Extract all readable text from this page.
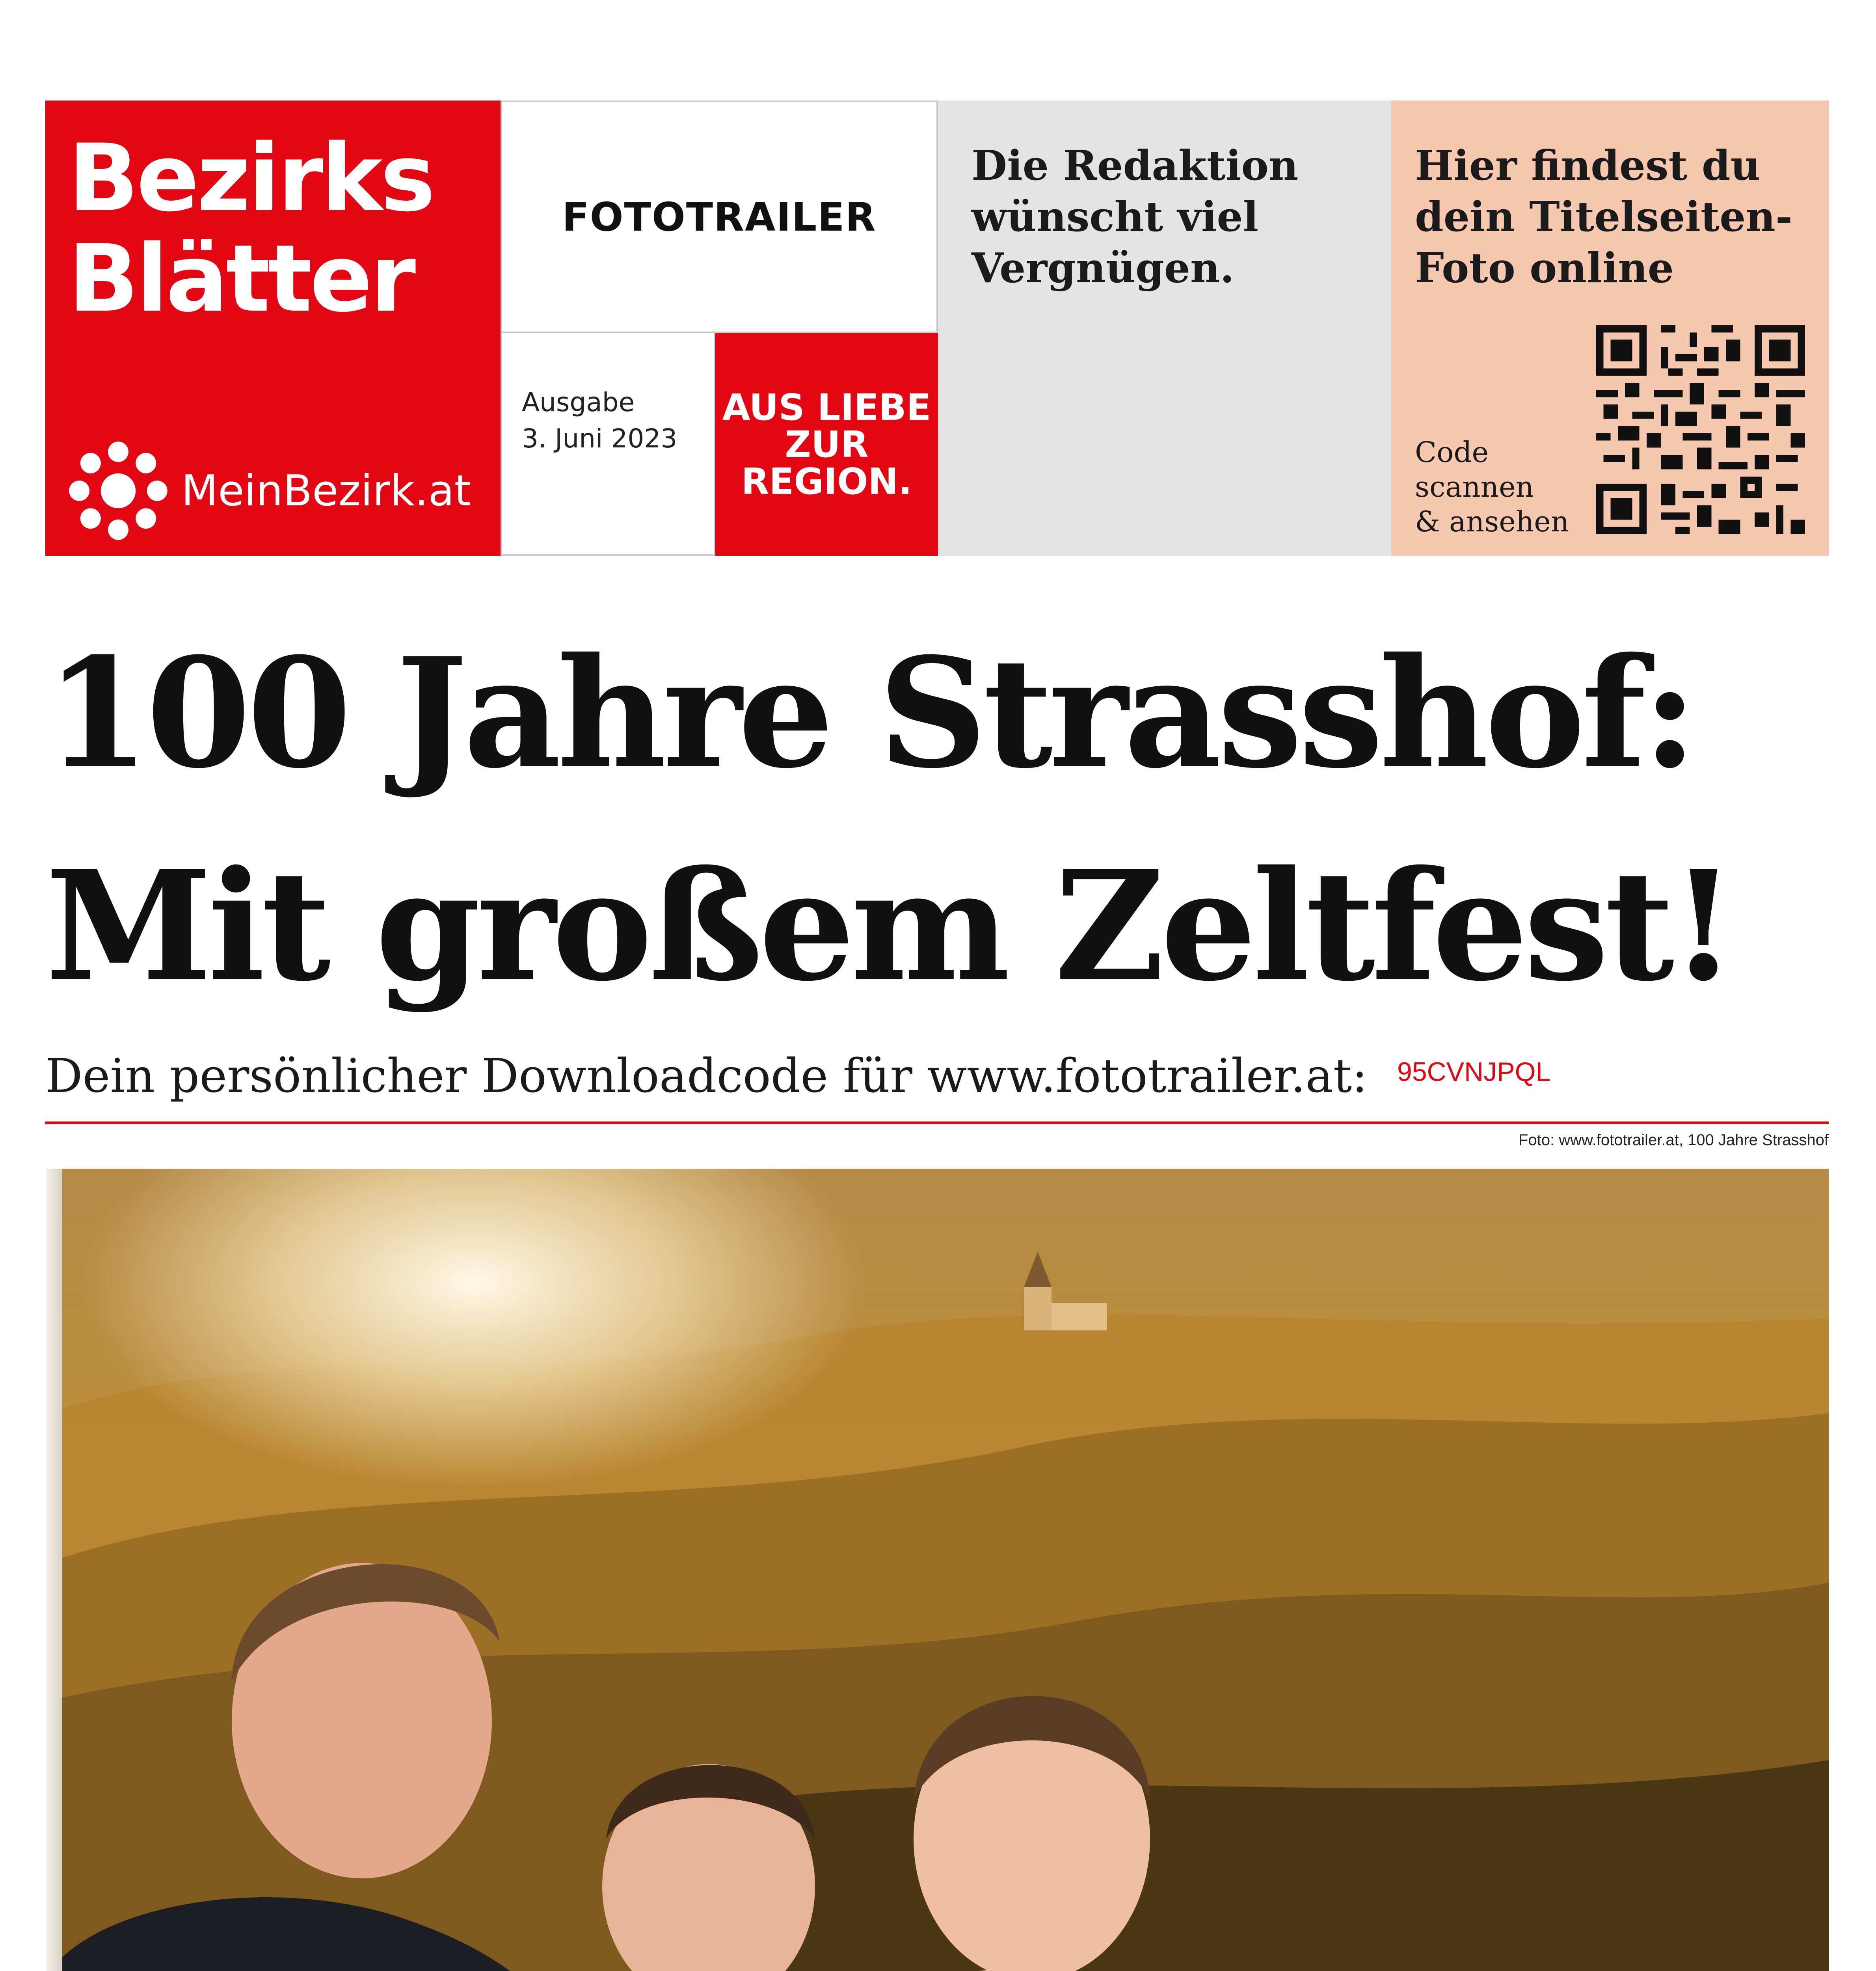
Bezirks
Blätter
MeinBezirk.at
FOTOTRAILER
Ausgabe
3. Juni 2023
AUS LIEBE
ZUR
REGION.
Die Redaktion wünscht viel Vergnügen.
Hier findest du dein Titelseiten-Foto online
Code
scannen
& ansehen
100 Jahre Strasshof:
Mit großem Zeltfest!
Dein persönlicher Downloadcode für www.fototrailer.at: 95CVNJPQL
Foto: www.fototrailer.at, 100 Jahre Strasshof
